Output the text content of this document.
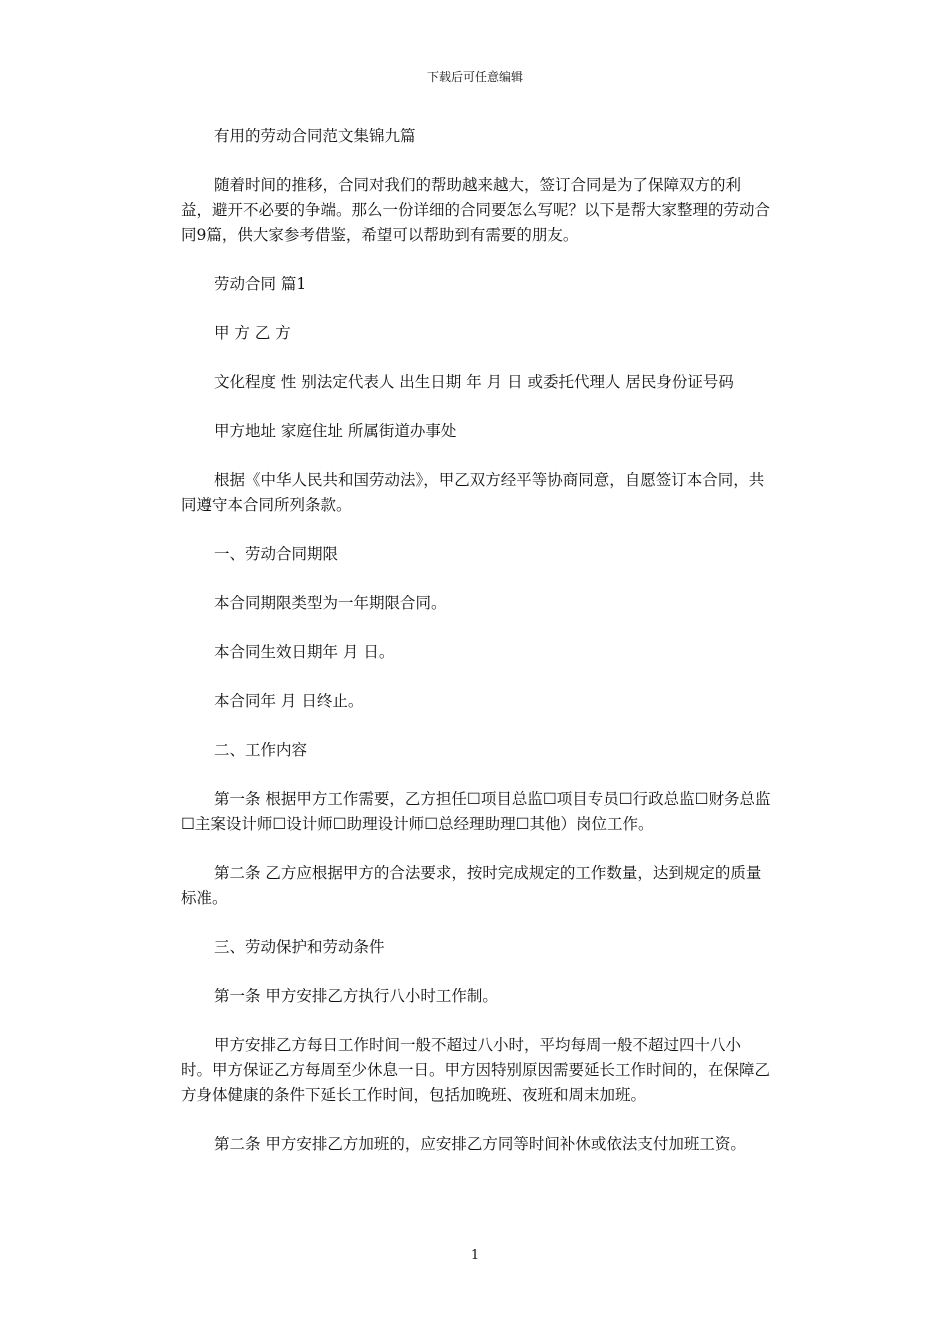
下载后可任意编辑

有用的劳动合同范文集锦九篇

随着时间的推移，合同对我们的帮助越来越大，签订合同是为了保障双方的利益，避开不必要的争端。那么一份详细的合同要怎么写呢？以下是帮大家整理的劳动合同9篇，供大家参考借鉴，希望可以帮助到有需要的朋友。

劳动合同 篇1

甲 方 乙 方

文化程度 性 别法定代表人 出生日期 年 月 日 或委托代理人 居民身份证号码

甲方地址 家庭住址 所属街道办事处

根据《中华人民共和国劳动法》，甲乙双方经平等协商同意，自愿签订本合同，共同遵守本合同所列条款。

一、劳动合同期限

本合同期限类型为一年期限合同。

本合同生效日期年 月 日。

本合同年 月 日终止。

二、工作内容

第一条 根据甲方工作需要，乙方担任☐项目总监☐项目专员☐行政总监☐财务总监☐主案设计师☐设计师☐助理设计师☐总经理助理☐其他）岗位工作。

第二条 乙方应根据甲方的合法要求，按时完成规定的工作数量，达到规定的质量标准。

三、劳动保护和劳动条件

第一条 甲方安排乙方执行八小时工作制。

甲方安排乙方每日工作时间一般不超过八小时，平均每周一般不超过四十八小时。甲方保证乙方每周至少休息一日。甲方因特别原因需要延长工作时间的，在保障乙方身体健康的条件下延长工作时间，包括加晚班、夜班和周末加班。

第二条 甲方安排乙方加班的，应安排乙方同等时间补休或依法支付加班工资。

1
